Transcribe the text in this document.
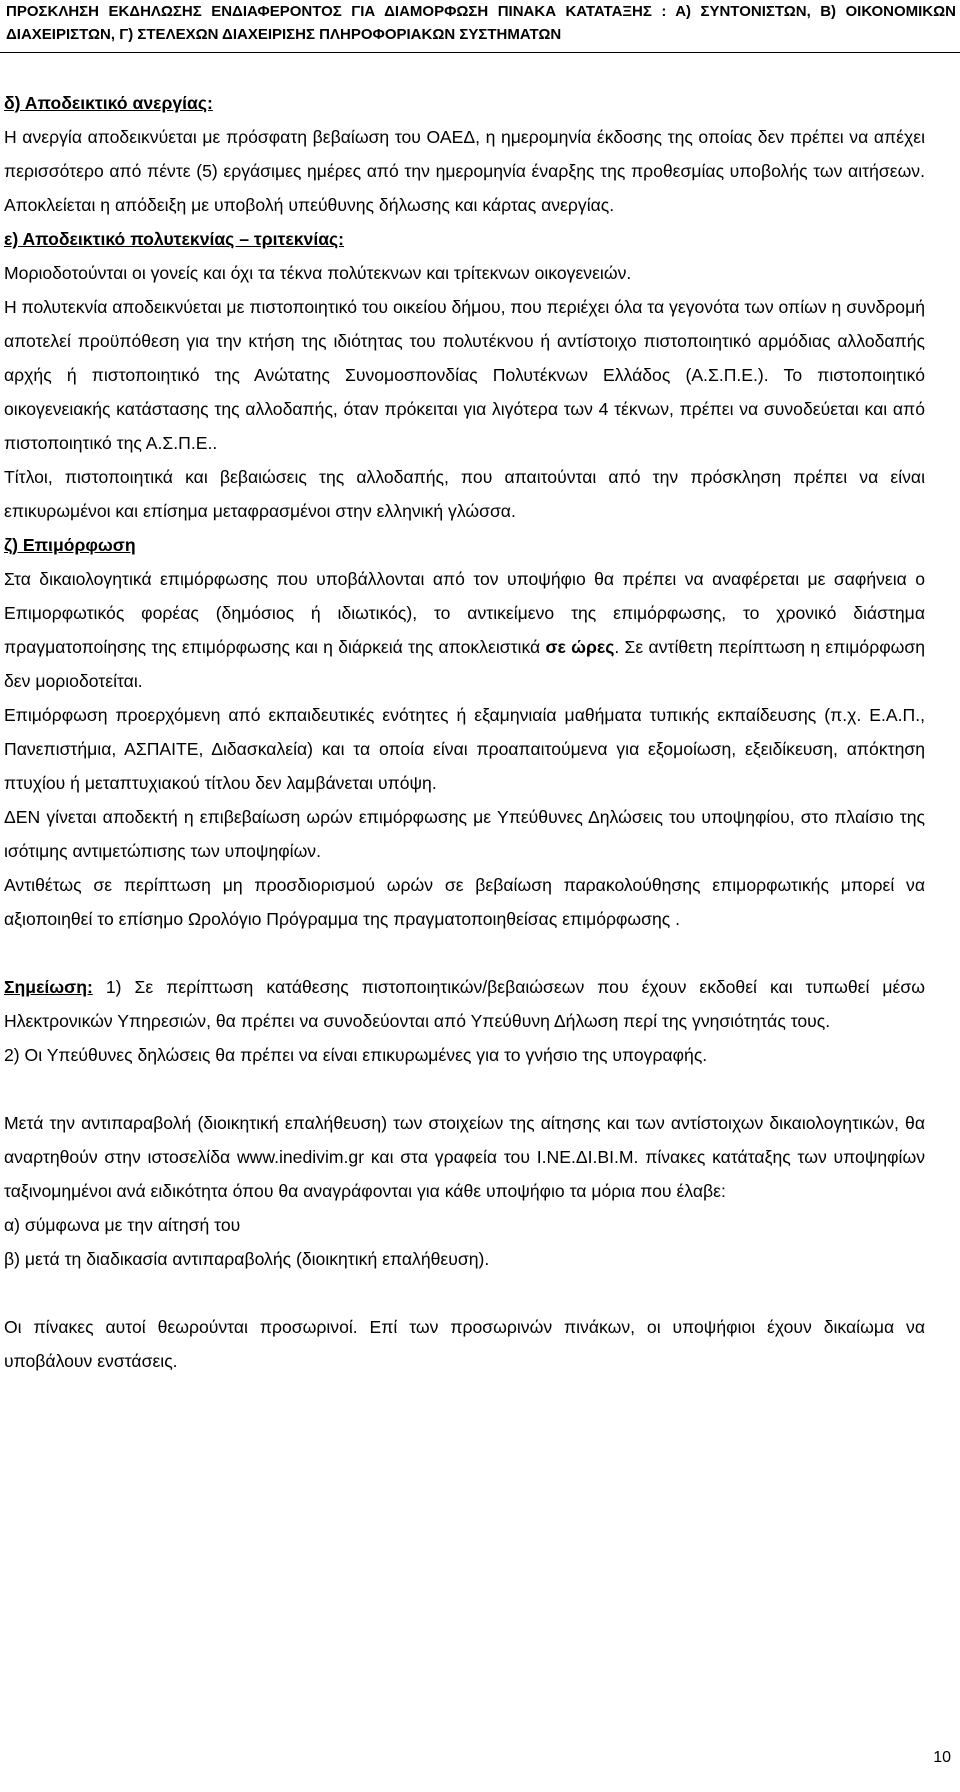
ΠΡΟΣΚΛΗΣΗ ΕΚΔΗΛΩΣΗΣ ΕΝΔΙΑΦΕΡΟΝΤΟΣ ΓΙΑ ΔΙΑΜΟΡΦΩΣΗ ΠΙΝΑΚΑ ΚΑΤΑΤΑΞΗΣ : Α) ΣΥΝΤΟΝΙΣΤΩΝ, Β) ΟΙΚΟΝΟΜΙΚΩΝ ΔΙΑΧΕΙΡΙΣΤΩΝ, Γ) ΣΤΕΛΕΧΩΝ ΔΙΑΧΕΙΡΙΣΗΣ ΠΛΗΡΟΦΟΡΙΑΚΩΝ ΣΥΣΤΗΜΑΤΩΝ

δ) Αποδεικτικό ανεργίας:

Η ανεργία αποδεικνύεται με πρόσφατη βεβαίωση του ΟΑΕΔ, η ημερομηνία έκδοσης της οποίας δεν πρέπει να απέχει περισσότερο από πέντε (5) εργάσιμες ημέρες από την ημερομηνία έναρξης της προθεσμίας υποβολής των αιτήσεων. Αποκλείεται η απόδειξη με υποβολή υπεύθυνης δήλωσης και κάρτας ανεργίας.

ε) Αποδεικτικό πολυτεκνίας – τριτεκνίας:

Μοριοδοτούνται οι γονείς και όχι τα τέκνα πολύτεκνων και τρίτεκνων οικογενειών.

Η πολυτεκνία αποδεικνύεται με πιστοποιητικό του οικείου δήμου, που περιέχει όλα τα γεγονότα των οπίων η συνδρομή αποτελεί προϋπόθεση για την κτήση της ιδιότητας του πολυτέκνου ή αντίστοιχο πιστοποιητικό αρμόδιας αλλοδαπής αρχής ή πιστοποιητικό της Ανώτατης Συνομοσπονδίας Πολυτέκνων Ελλάδος (Α.Σ.Π.Ε.). Το πιστοποιητικό οικογενειακής κατάστασης της αλλοδαπής, όταν πρόκειται για λιγότερα των 4 τέκνων, πρέπει να συνοδεύεται και από πιστοποιητικό της Α.Σ.Π.Ε..

Τίτλοι, πιστοποιητικά και βεβαιώσεις της αλλοδαπής, που απαιτούνται από την πρόσκληση πρέπει να είναι επικυρωμένοι και επίσημα μεταφρασμένοι στην ελληνική γλώσσα.

ζ) Επιμόρφωση

Στα δικαιολογητικά επιμόρφωσης που υποβάλλονται από τον υποψήφιο θα πρέπει να αναφέρεται με σαφήνεια ο Επιμορφωτικός φορέας (δημόσιος ή ιδιωτικός), το αντικείμενο της επιμόρφωσης, το χρονικό διάστημα πραγματοποίησης της επιμόρφωσης και η διάρκειά της αποκλειστικά σε ώρες. Σε αντίθετη περίπτωση η επιμόρφωση δεν μοριοδοτείται.

Επιμόρφωση προερχόμενη από εκπαιδευτικές ενότητες ή εξαμηνιαία μαθήματα τυπικής εκπαίδευσης (π.χ. Ε.Α.Π., Πανεπιστήμια, ΑΣΠΑΙΤΕ, Διδασκαλεία) και τα οποία είναι προαπαιτούμενα για εξομοίωση, εξειδίκευση, απόκτηση πτυχίου ή μεταπτυχιακού τίτλου δεν λαμβάνεται υπόψη.

ΔΕΝ γίνεται αποδεκτή η επιβεβαίωση ωρών επιμόρφωσης με Υπεύθυνες Δηλώσεις του υποψηφίου, στο πλαίσιο της ισότιμης αντιμετώπισης των υποψηφίων.

Αντιθέτως σε περίπτωση μη προσδιορισμού ωρών σε βεβαίωση παρακολούθησης επιμορφωτικής μπορεί να αξιοποιηθεί το επίσημο Ωρολόγιο Πρόγραμμα της πραγματοποιηθείσας επιμόρφωσης .

Σημείωση: 1) Σε περίπτωση κατάθεσης πιστοποιητικών/βεβαιώσεων που έχουν εκδοθεί και τυπωθεί μέσω Ηλεκτρονικών Υπηρεσιών, θα πρέπει να συνοδεύονται από Υπεύθυνη Δήλωση περί της γνησιότητάς τους.

2) Οι Υπεύθυνες δηλώσεις θα πρέπει να είναι επικυρωμένες για το γνήσιο της υπογραφής.

Μετά την αντιπαραβολή (διοικητική επαλήθευση) των στοιχείων της αίτησης και των αντίστοιχων δικαιολογητικών, θα αναρτηθούν στην ιστοσελίδα www.inedivim.gr και στα γραφεία του Ι.ΝΕ.ΔΙ.ΒΙ.Μ. πίνακες κατάταξης των υποψηφίων ταξινομημένοι ανά ειδικότητα όπου θα αναγράφονται για κάθε υποψήφιο τα μόρια που έλαβε:

α) σύμφωνα με την αίτησή του

β) μετά τη διαδικασία αντιπαραβολής (διοικητική επαλήθευση).

Οι πίνακες αυτοί θεωρούνται προσωρινοί. Επί των προσωρινών πινάκων, οι υποψήφιοι έχουν δικαίωμα να υποβάλουν ενστάσεις.

10
